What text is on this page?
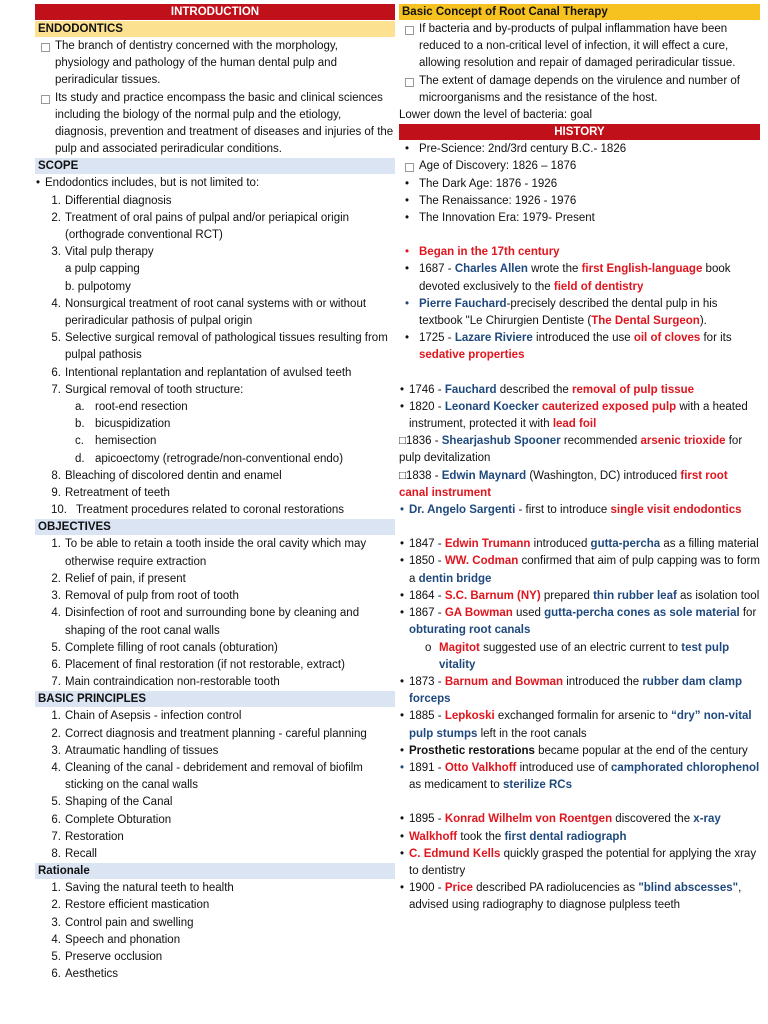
INTRODUCTION
ENDODONTICS
The branch of dentistry concerned with the morphology, physiology and pathology of the human dental pulp and periradicular tissues.
Its study and practice encompass the basic and clinical sciences including the biology of the normal pulp and the etiology, diagnosis, prevention and treatment of diseases and injuries of the pulp and associated periradicular conditions.
SCOPE
• Endodontics includes, but is not limited to:
1. Differential diagnosis
2. Treatment of oral pains of pulpal and/or periapical origin (orthograde conventional RCT)
3. Vital pulp therapy
a pulp capping
b. pulpotomy
4. Nonsurgical treatment of root canal systems with or without periradicular pathosis of pulpal origin
5. Selective surgical removal of pathological tissues resulting from pulpal pathosis
6. Intentional replantation and replantation of avulsed teeth
7. Surgical removal of tooth structure:
a. root-end resection
b. bicuspidization
c. hemisection
d. apicoectomy (retrograde/non-conventional endo)
8. Bleaching of discolored dentin and enamel
9. Retreatment of teeth
10. Treatment procedures related to coronal restorations
OBJECTIVES
1. To be able to retain a tooth inside the oral cavity which may otherwise require extraction
2. Relief of pain, if present
3. Removal of pulp from root of tooth
4. Disinfection of root and surrounding bone by cleaning and shaping of the root canal walls
5. Complete filling of root canals (obturation)
6. Placement of final restoration (if not restorable, extract)
7. Main contraindication non-restorable tooth
BASIC PRINCIPLES
1. Chain of Asepsis - infection control
2. Correct diagnosis and treatment planning - careful planning
3. Atraumatic handling of tissues
4. Cleaning of the canal - debridement and removal of biofilm sticking on the canal walls
5. Shaping of the Canal
6. Complete Obturation
7. Restoration
8. Recall
Rationale
1. Saving the natural teeth to health
2. Restore efficient mastication
3. Control pain and swelling
4. Speech and phonation
5. Preserve occlusion
6. Aesthetics
Basic Concept of Root Canal Therapy
If bacteria and by-products of pulpal inflammation have been reduced to a non-critical level of infection, it will effect a cure, allowing resolution and repair of damaged periradicular tissue.
The extent of damage depends on the virulence and number of microorganisms and the resistance of the host.
Lower down the level of bacteria: goal
HISTORY
• Pre-Science: 2nd/3rd century B.C.- 1826
Age of Discovery: 1826 – 1876
• The Dark Age: 1876 - 1926
• The Renaissance: 1926 - 1976
• The Innovation Era: 1979- Present
• Began in the 17th century
• 1687 - Charles Allen wrote the first English-language book devoted exclusively to the field of dentistry
• Pierre Fauchard-precisely described the dental pulp in his textbook "Le Chirurgien Dentiste (The Dental Surgeon).
• 1725 - Lazare Riviere introduced the use oil of cloves for its sedative properties
• 1746 - Fauchard described the removal of pulp tissue
• 1820 - Leonard Koecker cauterized exposed pulp with a heated instrument, protected it with lead foil
□1836 - Shearjashub Spooner recommended arsenic trioxide for pulp devitalization
□1838 - Edwin Maynard (Washington, DC) introduced first root canal instrument
• Dr. Angelo Sargenti - first to introduce single visit endodontics
• 1847 - Edwin Trumann introduced gutta-percha as a filling material
• 1850 - WW. Codman confirmed that aim of pulp capping was to form a dentin bridge
• 1864 - S.C. Barnum (NY) prepared thin rubber leaf as isolation tool
• 1867 - GA Bowman used gutta-percha cones as sole material for obturating root canals
o Magitot suggested use of an electric current to test pulp vitality
• 1873 - Barnum and Bowman introduced the rubber dam clamp forceps
• 1885 - Lepkoski exchanged formalin for arsenic to “dry” non-vital pulp stumps left in the root canals
• Prosthetic restorations became popular at the end of the century
• 1891 - Otto Valkhoff introduced use of camphorated chlorophenol as medicament to sterilize RCs
• 1895 - Konrad Wilhelm von Roentgen discovered the x-ray
• Walkhoff took the first dental radiograph
• C. Edmund Kells quickly grasped the potential for applying the xray to dentistry
• 1900 - Price described PA radiolucencies as "blind abscesses", advised using radiography to diagnose pulpless teeth
